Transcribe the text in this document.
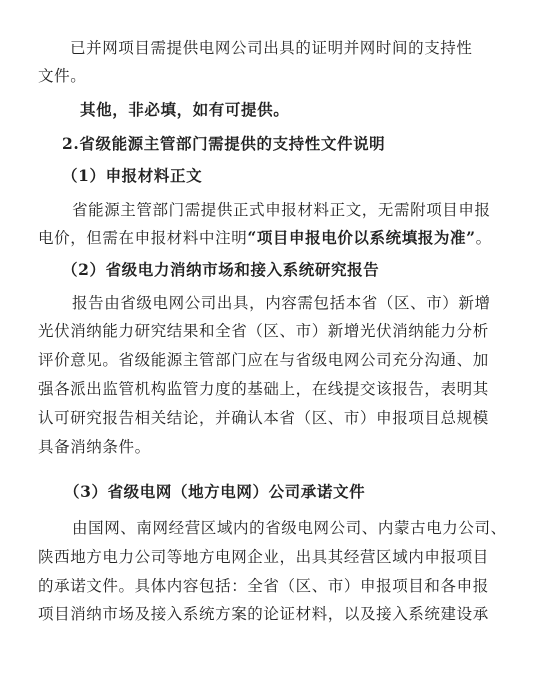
已并网项目需提供电网公司出具的证明并网时间的支持性
文件。
其他，非必填，如有可提供。
2.省级能源主管部门需提供的支持性文件说明
（1）申报材料正文
省能源主管部门需提供正式申报材料正文，无需附项目申报
电价，但需在申报材料中注明“项目申报电价以系统填报为准”。
（2）省级电力消纳市场和接入系统研究报告
报告由省级电网公司出具，内容需包括本省（区、市）新增
光伏消纳能力研究结果和全省（区、市）新增光伏消纳能力分析
评价意见。省级能源主管部门应在与省级电网公司充分沟通、加
强各派出监管机构监管力度的基础上，在线提交该报告，表明其
认可研究报告相关结论，并确认本省（区、市）申报项目总规模
具备消纳条件。
（3）省级电网（地方电网）公司承诺文件
由国网、南网经营区域内的省级电网公司、内蒙古电力公司、
陕西地方电力公司等地方电网企业，出具其经营区域内申报项目
的承诺文件。具体内容包括：全省（区、市）申报项目和各申报
项目消纳市场及接入系统方案的论证材料，以及接入系统建设承
